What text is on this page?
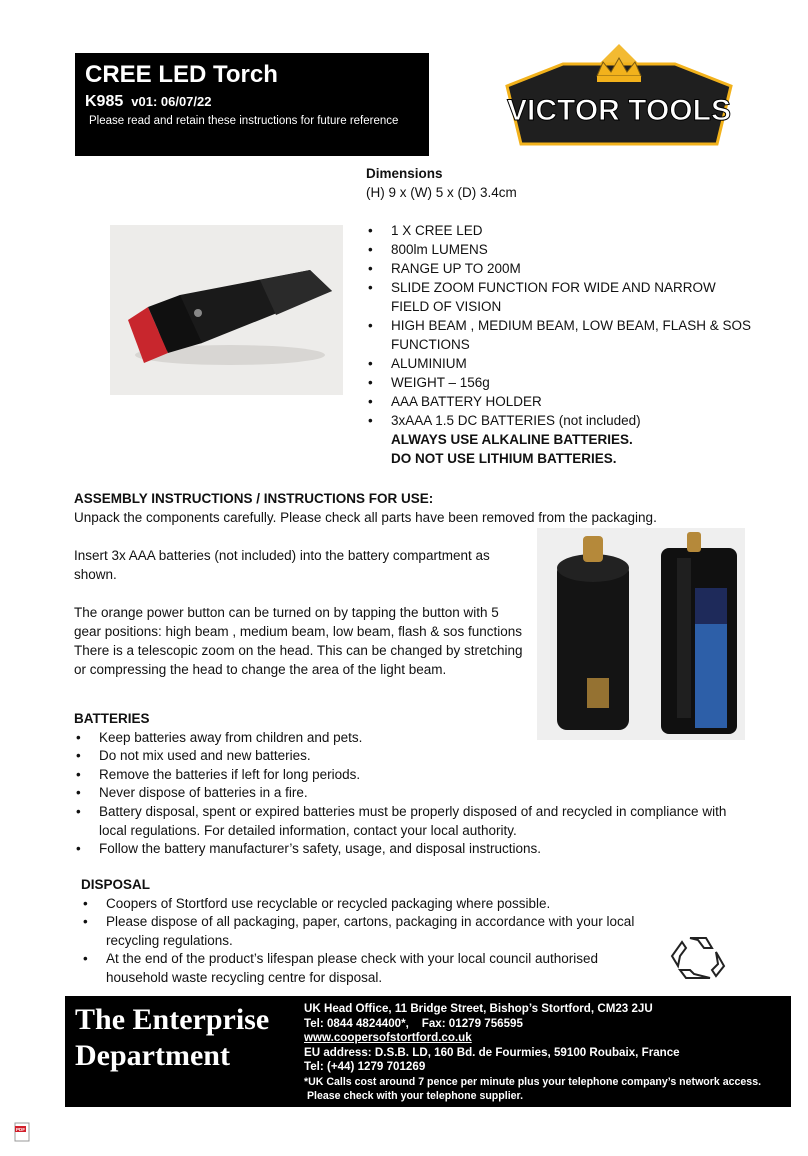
CREE LED Torch
K985 v01: 06/07/22
Please read and retain these instructions for future reference	VICTOR TOOLS
Dimensions
(H) 9 x (W) 5 x (D) 3.4cm
• 1 X CREE LED
• 800lm LUMENS
• RANGE UP TO 200M
• SLIDE ZOOM FUNCTION FOR WIDE AND NARROW FIELD OF VISION
• HIGH BEAM , MEDIUM BEAM, LOW BEAM, FLASH & SOS FUNCTIONS
• ALUMINIUM
• WEIGHT – 156g
• AAA BATTERY HOLDER
• 3xAAA 1.5 DC BATTERIES (not included)
ALWAYS USE ALKALINE BATTERIES.
DO NOT USE LITHIUM BATTERIES.

ASSEMBLY INSTRUCTIONS / INSTRUCTIONS FOR USE:

Unpack the components carefully. Please check all parts have been removed from the packaging.

Insert 3x AAA batteries (not included) into the battery compartment as shown.

The orange power button can be turned on by tapping the button with 5 gear positions: high beam , medium beam, low beam, flash & sos functions

There is a telescopic zoom on the head. This can be changed by stretching or compressing the head to change the area of the light beam.

BATTERIES
• Keep batteries away from children and pets.
• Do not mix used and new batteries.
• Remove the batteries if left for long periods.
• Never dispose of batteries in a fire.
• Battery disposal, spent or expired batteries must be properly disposed of and recycled in compliance with local regulations. For detailed information, contact your local authority.
• Follow the battery manufacturer’s safety, usage, and disposal instructions.
DISPOSAL
• Coopers of Stortford use recyclable or recycled packaging where possible.
• Please dispose of all packaging, paper, cartons, packaging in accordance with your local recycling regulations.
• At the end of the product’s lifespan please check with your local council authorised household waste recycling centre for disposal.
The Enterprise
Department
UK Head Office, 11 Bridge Street, Bishop’s Stortford, CM23 2JU
Tel: 0844 4824400*,    Fax: 01279 756595
www.coopersofstortford.co.uk
EU address: D.S.B. LD, 160 Bd. de Fourmies, 59100 Roubaix, France
Tel: (+44) 1279 701269
*UK Calls cost around 7 pence per minute plus your telephone company’s network access.
Please check with your telephone supplier.
PDF
